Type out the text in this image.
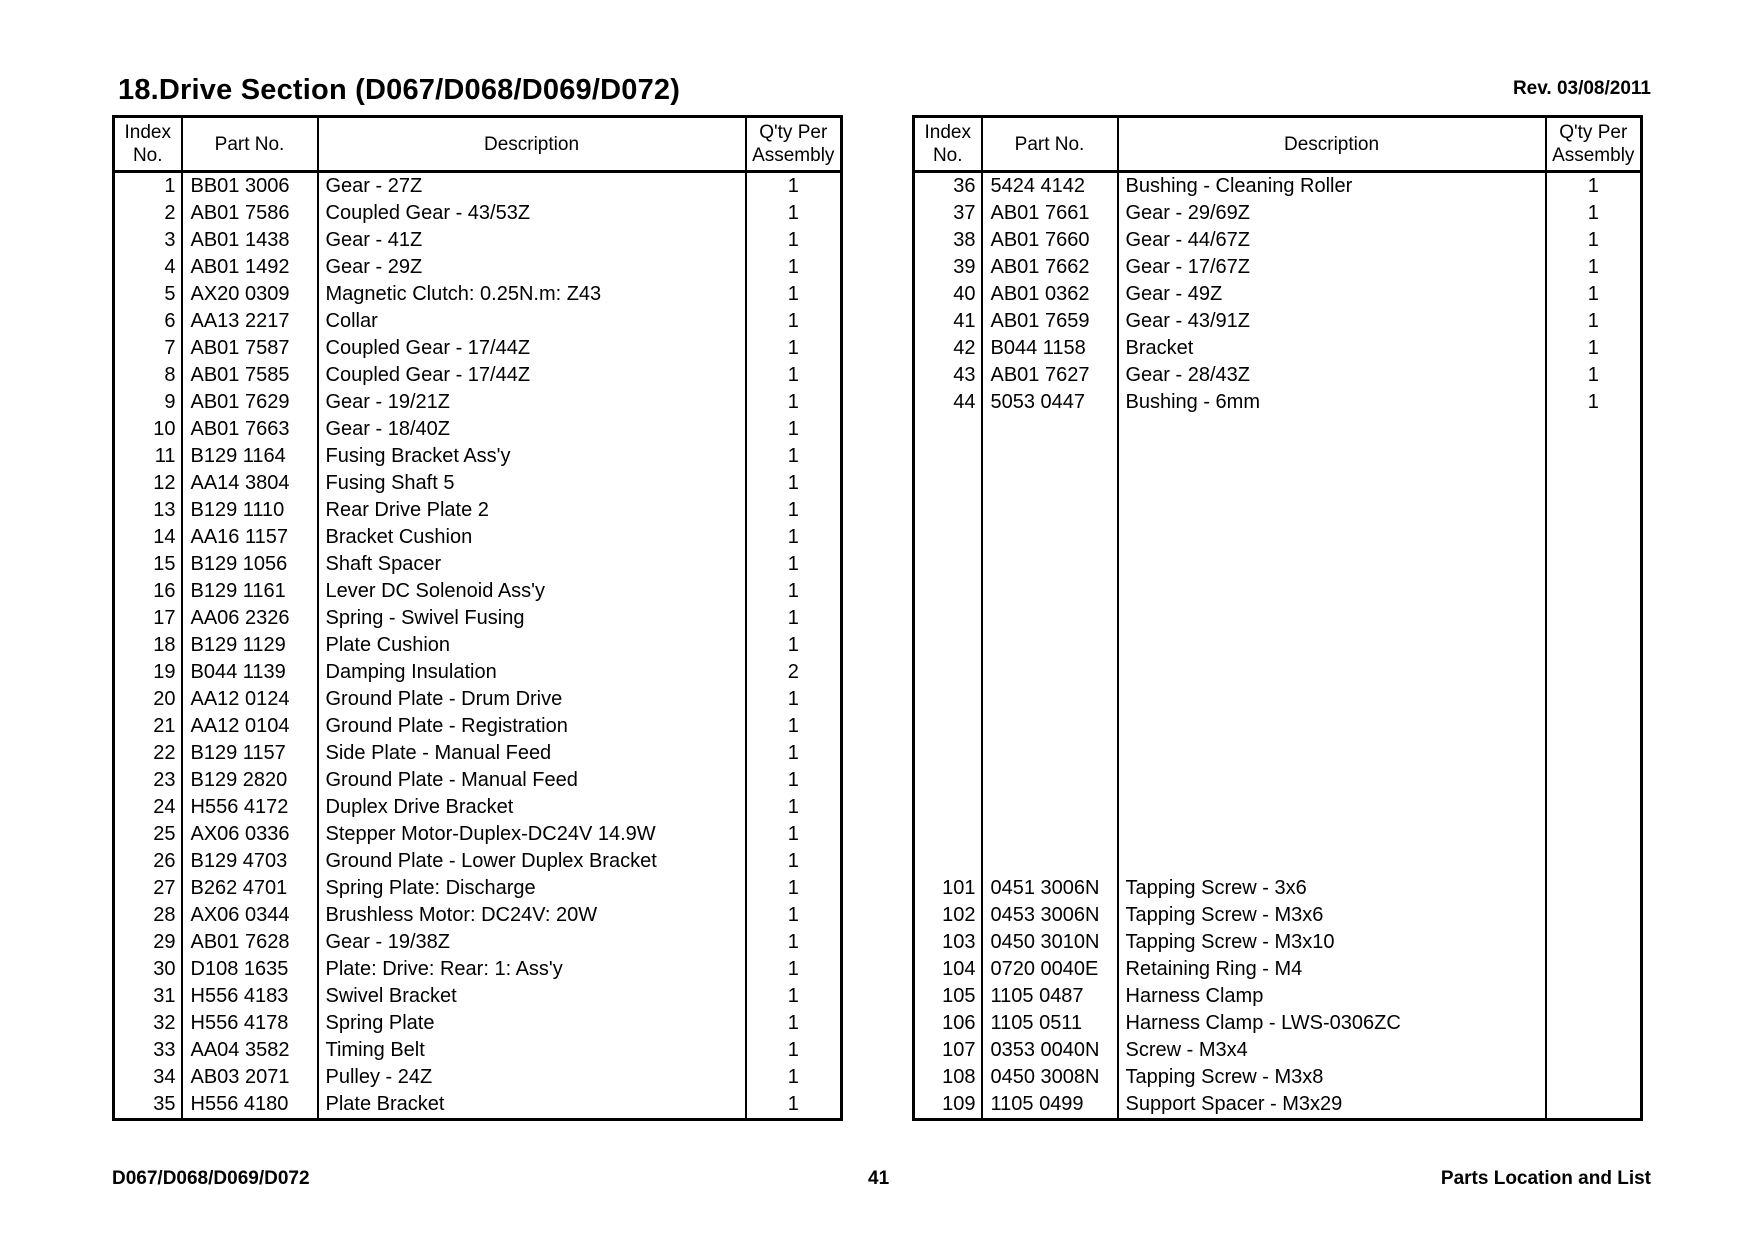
18.Drive Section (D067/D068/D069/D072)	Rev. 03/08/2011
Index No.	Part No.	Description	Q'ty Per Assembly
1	BB01 3006	Gear - 27Z	1
2	AB01 7586	Coupled Gear - 43/53Z	1
3	AB01 1438	Gear - 41Z	1
4	AB01 1492	Gear - 29Z	1
5	AX20 0309	Magnetic Clutch: 0.25N.m: Z43	1
6	AA13 2217	Collar	1
7	AB01 7587	Coupled Gear - 17/44Z	1
8	AB01 7585	Coupled Gear - 17/44Z	1
9	AB01 7629	Gear - 19/21Z	1
10	AB01 7663	Gear - 18/40Z	1
11	B129 1164	Fusing Bracket Ass'y	1
12	AA14 3804	Fusing Shaft 5	1
13	B129 1110	Rear Drive Plate 2	1
14	AA16 1157	Bracket Cushion	1
15	B129 1056	Shaft Spacer	1
16	B129 1161	Lever DC Solenoid Ass'y	1
17	AA06 2326	Spring - Swivel Fusing	1
18	B129 1129	Plate Cushion	1
19	B044 1139	Damping Insulation	2
20	AA12 0124	Ground Plate - Drum Drive	1
21	AA12 0104	Ground Plate - Registration	1
22	B129 1157	Side Plate - Manual Feed	1
23	B129 2820	Ground Plate - Manual Feed	1
24	H556 4172	Duplex Drive Bracket	1
25	AX06 0336	Stepper Motor-Duplex-DC24V 14.9W	1
26	B129 4703	Ground Plate - Lower Duplex Bracket	1
27	B262 4701	Spring Plate: Discharge	1
28	AX06 0344	Brushless Motor: DC24V: 20W	1
29	AB01 7628	Gear - 19/38Z	1
30	D108 1635	Plate: Drive: Rear: 1: Ass'y	1
31	H556 4183	Swivel Bracket	1
32	H556 4178	Spring Plate	1
33	AA04 3582	Timing Belt	1
34	AB03 2071	Pulley - 24Z	1
35	H556 4180	Plate Bracket	1
Index No.	Part No.	Description	Q'ty Per Assembly
36	5424 4142	Bushing - Cleaning Roller	1
37	AB01 7661	Gear - 29/69Z	1
38	AB01 7660	Gear - 44/67Z	1
39	AB01 7662	Gear - 17/67Z	1
40	AB01 0362	Gear - 49Z	1
41	AB01 7659	Gear - 43/91Z	1
42	B044 1158	Bracket	1
43	AB01 7627	Gear - 28/43Z	1
44	5053 0447	Bushing - 6mm	1

101	0451 3006N	Tapping Screw - 3x6	
102	0453 3006N	Tapping Screw - M3x6	
103	0450 3010N	Tapping Screw - M3x10	
104	0720 0040E	Retaining Ring - M4	
105	1105 0487	Harness Clamp	
106	1105 0511	Harness Clamp - LWS-0306ZC	
107	0353 0040N	Screw - M3x4	
108	0450 3008N	Tapping Screw - M3x8	
109	1105 0499	Support Spacer - M3x29	
D067/D068/D069/D072	41	Parts Location and List
